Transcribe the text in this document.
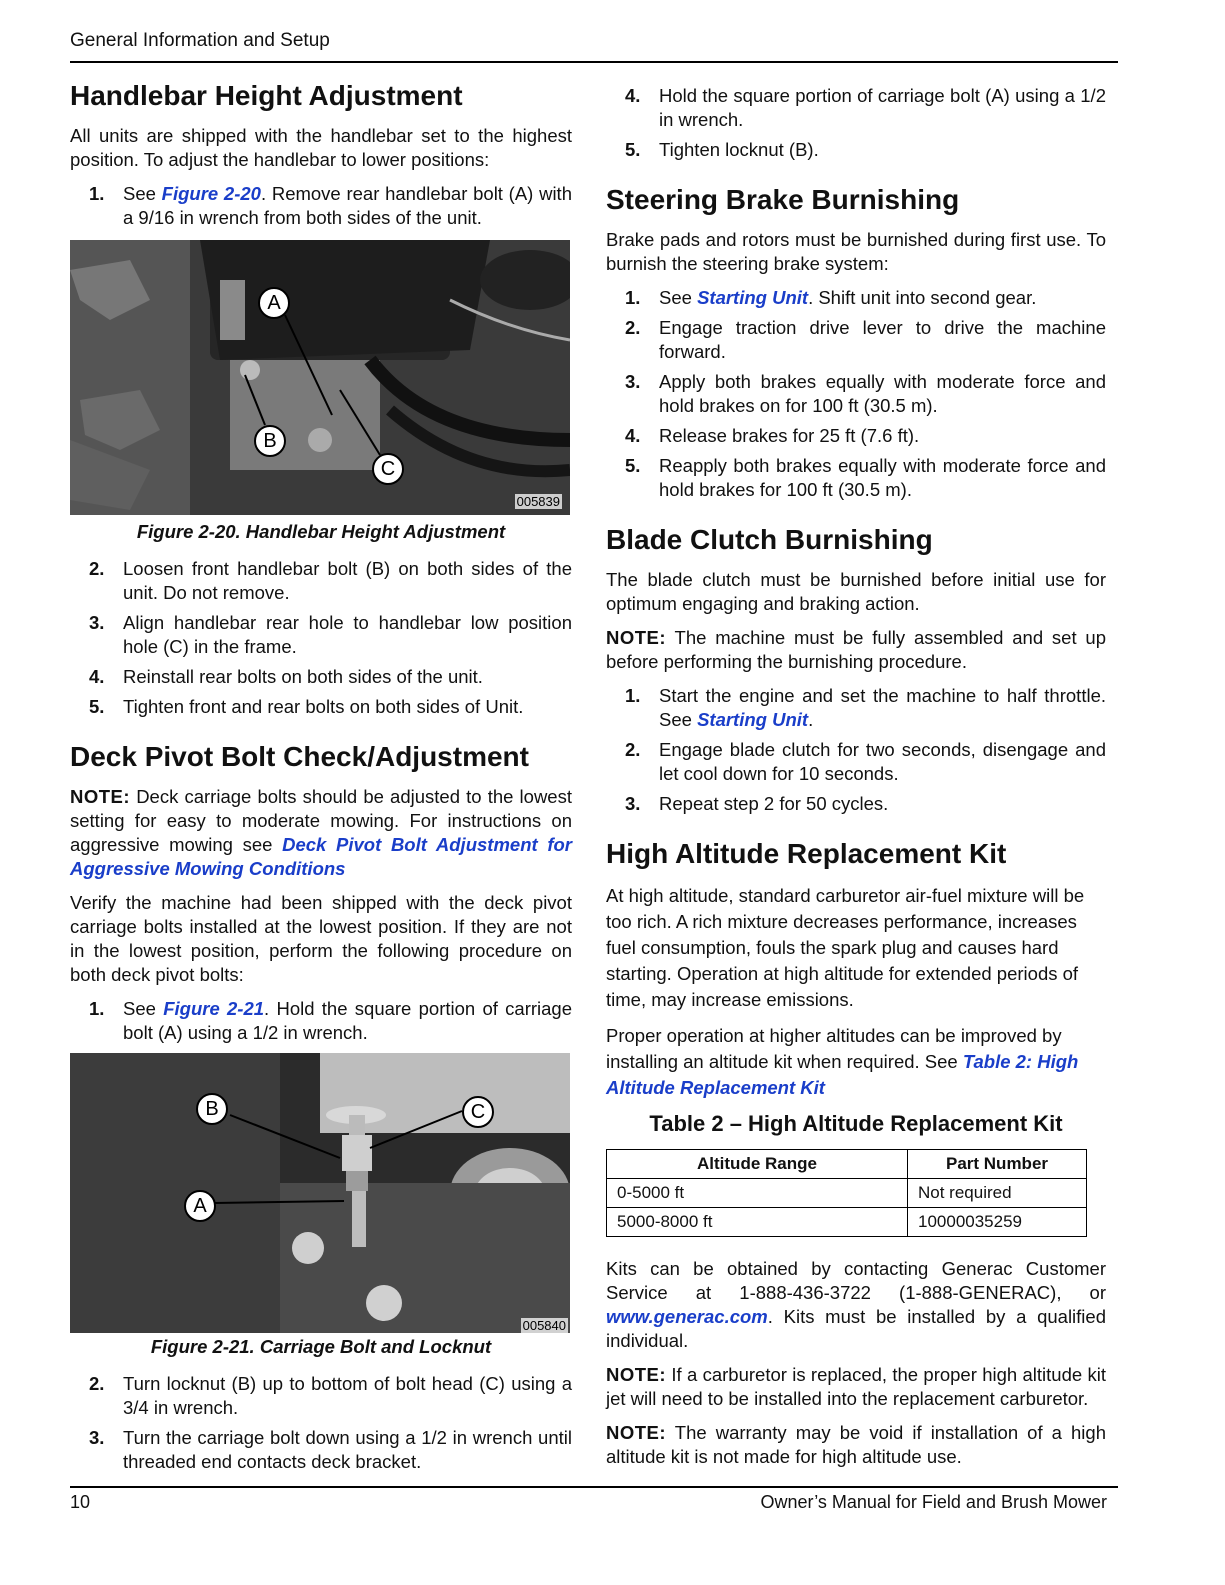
General Information and Setup
Handlebar Height Adjustment

All units are shipped with the handlebar set to the highest position. To adjust the handlebar to lower positions:

1. See Figure 2-20. Remove rear handlebar bolt (A) with a 9/16 in wrench from both sides of the unit.
A
B
C
005839
Figure 2-20. Handlebar Height Adjustment
2. Loosen front handlebar bolt (B) on both sides of the unit. Do not remove.
3. Align handlebar rear hole to handlebar low position hole (C) in the frame.
4. Reinstall rear bolts on both sides of the unit.
5. Tighten front and rear bolts on both sides of Unit.
Deck Pivot Bolt Check/Adjustment

NOTE: Deck carriage bolts should be adjusted to the lowest setting for easy to moderate mowing. For instructions on aggressive mowing see Deck Pivot Bolt Adjustment for Aggressive Mowing Conditions

Verify the machine had been shipped with the deck pivot carriage bolts installed at the lowest position. If they are not in the lowest position, perform the following procedure on both deck pivot bolts:

1. See Figure 2-21. Hold the square portion of carriage bolt (A) using a 1/2 in wrench.
B	C
A
005840
Figure 2-21. Carriage Bolt and Locknut
2. Turn locknut (B) up to bottom of bolt head (C) using a 3/4 in wrench.
3. Turn the carriage bolt down using a 1/2 in wrench until threaded end contacts deck bracket.
4. Hold the square portion of carriage bolt (A) using a 1/2 in wrench.
5. Tighten locknut (B).
Steering Brake Burnishing

Brake pads and rotors must be burnished during first use. To burnish the steering brake system:

1. See Starting Unit. Shift unit into second gear.
2. Engage traction drive lever to drive the machine forward.
3. Apply both brakes equally with moderate force and hold brakes on for 100 ft (30.5 m).
4. Release brakes for 25 ft (7.6 ft).
5. Reapply both brakes equally with moderate force and hold brakes for 100 ft (30.5 m).
Blade Clutch Burnishing

The blade clutch must be burnished before initial use for optimum engaging and braking action.

NOTE: The machine must be fully assembled and set up before performing the burnishing procedure.

1. Start the engine and set the machine to half throttle. See Starting Unit.
2. Engage blade clutch for two seconds, disengage and let cool down for 10 seconds.
3. Repeat step 2 for 50 cycles.
High Altitude Replacement Kit

At high altitude, standard carburetor air-fuel mixture will be too rich. A rich mixture decreases performance, increases fuel consumption, fouls the spark plug and causes hard starting. Operation at high altitude for extended periods of time, may increase emissions.

Proper operation at higher altitudes can be improved by installing an altitude kit when required. See Table 2: High Altitude Replacement Kit

Table 2 – High Altitude Replacement Kit
Altitude Range	Part Number
0-5000 ft	Not required
5000-8000 ft	10000035259

Kits can be obtained by contacting Generac Customer Service at 1-888-436-3722 (1-888-GENERAC), or www.generac.com. Kits must be installed by a qualified individual.

NOTE: If a carburetor is replaced, the proper high altitude kit jet will need to be installed into the replacement carburetor.

NOTE: The warranty may be void if installation of a high altitude kit is not made for high altitude use.

10	Owner’s Manual for Field and Brush Mower
